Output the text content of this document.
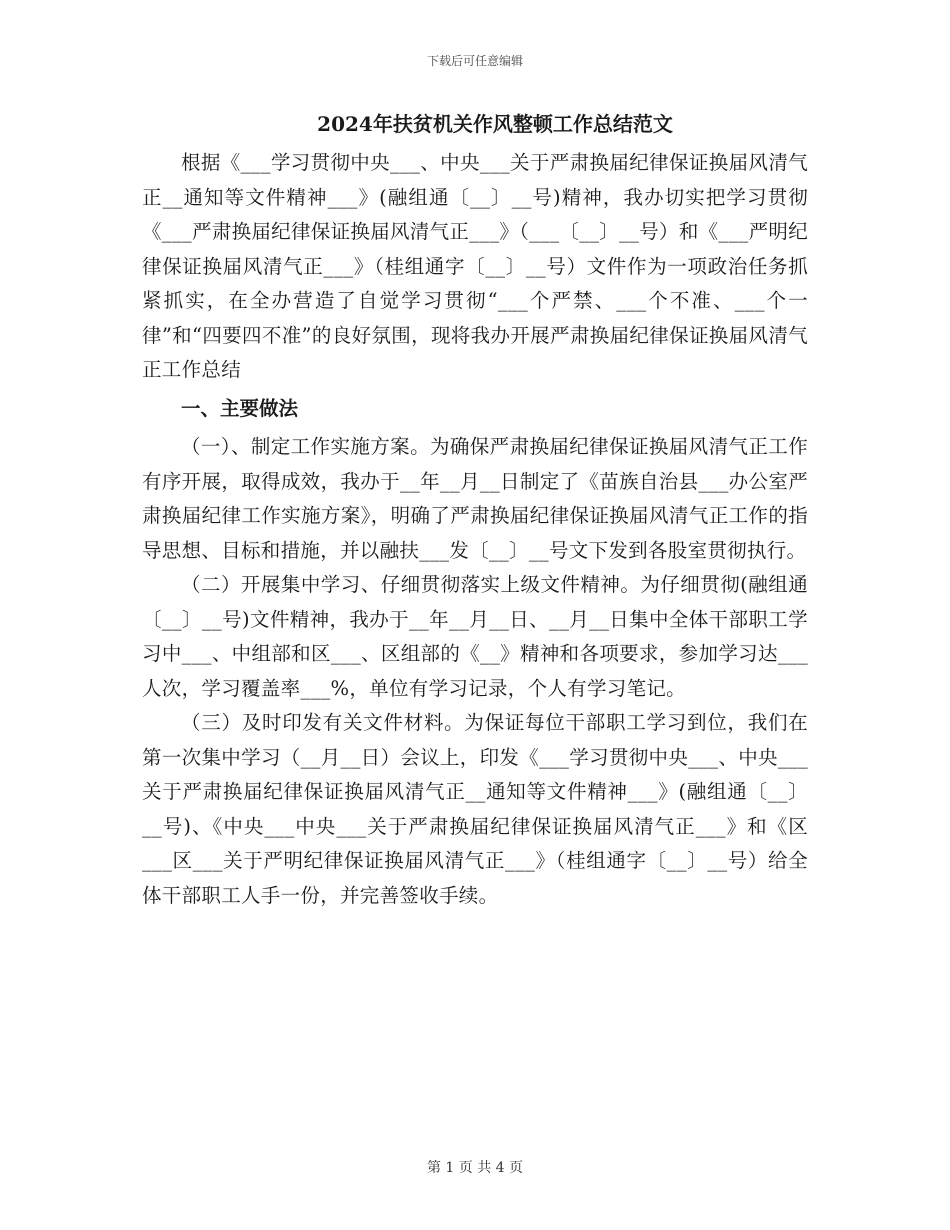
下载后可任意编辑
2024年扶贫机关作风整顿工作总结范文

根据《___学习贯彻中央___、中央___关于严肃换届纪律保证换届风清气正__通知等文件精神___》(融组通〔__〕__号)精神，我办切实把学习贯彻《___严肃换届纪律保证换届风清气正___》（___〔__〕__号）和《___严明纪律保证换届风清气正___》（桂组通字〔__〕__号）文件作为一项政治任务抓紧抓实，在全办营造了自觉学习贯彻“___个严禁、___个不准、___个一律”和“四要四不准”的良好氛围，现将我办开展严肃换届纪律保证换届风清气正工作总结

一、主要做法

（一）、制定工作实施方案。为确保严肃换届纪律保证换届风清气正工作有序开展，取得成效，我办于__年__月__日制定了《苗族自治县___办公室严肃换届纪律工作实施方案》，明确了严肃换届纪律保证换届风清气正工作的指导思想、目标和措施，并以融扶___发〔__〕__号文下发到各股室贯彻执行。

（二）开展集中学习、仔细贯彻落实上级文件精神。为仔细贯彻(融组通〔__〕__号)文件精神，我办于__年__月__日、__月__日集中全体干部职工学习中___、中组部和区___、区组部的《__》精神和各项要求，参加学习达___人次，学习覆盖率___%，单位有学习记录，个人有学习笔记。

（三）及时印发有关文件材料。为保证每位干部职工学习到位，我们在第一次集中学习（__月__日）会议上，印发《___学习贯彻中央___、中央___关于严肃换届纪律保证换届风清气正__通知等文件精神___》(融组通〔__〕__号)、《中央___中央___关于严肃换届纪律保证换届风清气正___》和《区___区___关于严明纪律保证换届风清气正___》（桂组通字〔__〕__号）给全体干部职工人手一份，并完善签收手续。

第 1 页 共 4 页
